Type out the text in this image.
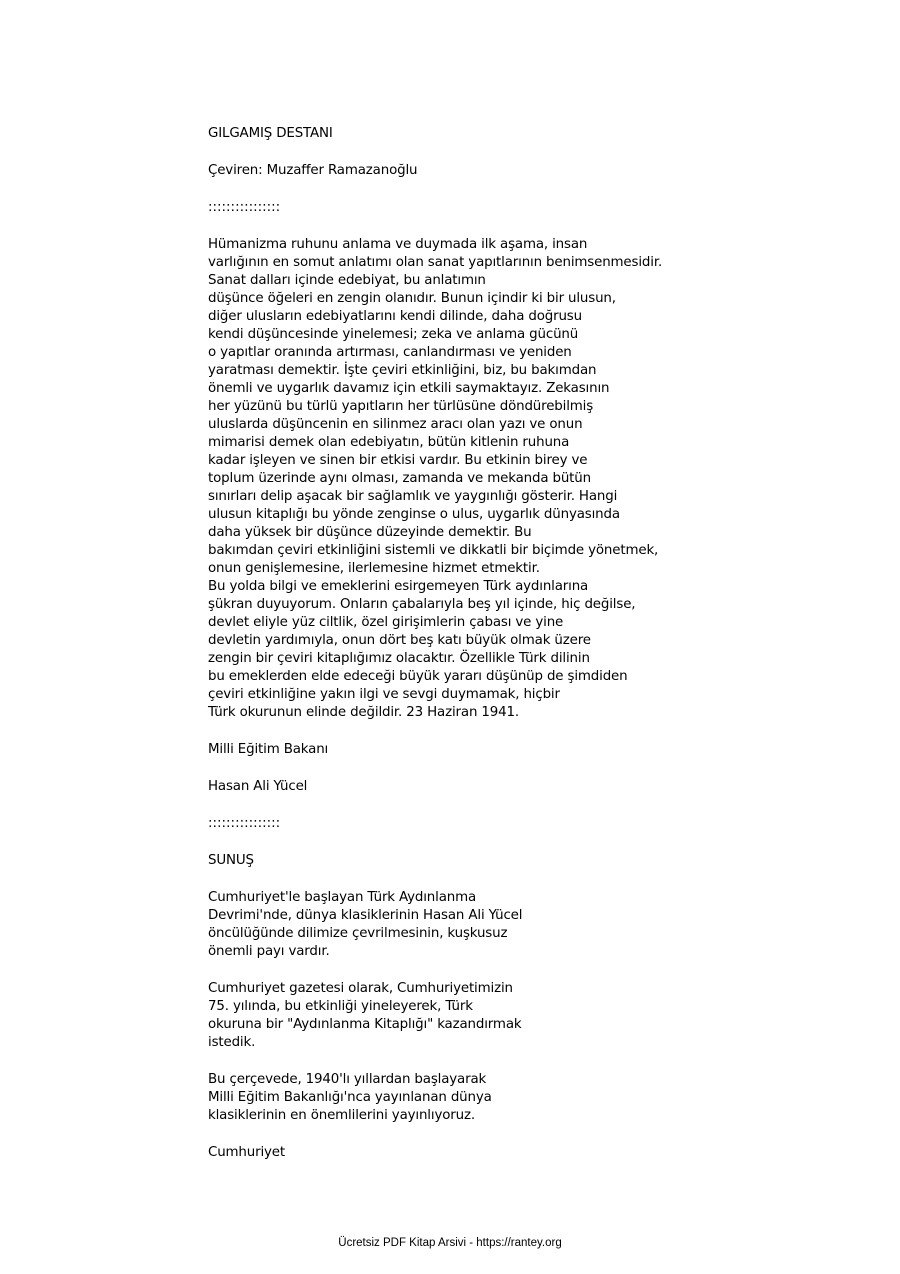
GILGAMIŞ DESTANI
Çeviren: Muzaffer Ramazanoğlu
::::::::::::::::
Hümanizma ruhunu anlama ve duymada ilk aşama, insan
varlığının en somut anlatımı olan sanat yapıtlarının benimsenmesidir.
Sanat dalları içinde edebiyat, bu anlatımın
düşünce öğeleri en zengin olanıdır. Bunun içindir ki bir ulusun,
diğer ulusların edebiyatlarını kendi dilinde, daha doğrusu
kendi düşüncesinde yinelemesi; zeka ve anlama gücünü
o yapıtlar oranında artırması, canlandırması ve yeniden
yaratması demektir. İşte çeviri etkinliğini, biz, bu bakımdan
önemli ve uygarlık davamız için etkili saymaktayız. Zekasının
her yüzünü bu türlü yapıtların her türlüsüne döndürebilmiş
uluslarda düşüncenin en silinmez aracı olan yazı ve onun
mimarisi demek olan edebiyatın, bütün kitlenin ruhuna
kadar işleyen ve sinen bir etkisi vardır. Bu etkinin birey ve
toplum üzerinde aynı olması, zamanda ve mekanda bütün
sınırları delip aşacak bir sağlamlık ve yaygınlığı gösterir. Hangi
ulusun kitaplığı bu yönde zenginse o ulus, uygarlık dünyasında
daha yüksek bir düşünce düzeyinde demektir. Bu
bakımdan çeviri etkinliğini sistemli ve dikkatli bir biçimde yönetmek,
onun genişlemesine, ilerlemesine hizmet etmektir.
Bu yolda bilgi ve emeklerini esirgemeyen Türk aydınlarına
şükran duyuyorum. Onların çabalarıyla beş yıl içinde, hiç değilse,
devlet eliyle yüz ciltlik, özel girişimlerin çabası ve yine
devletin yardımıyla, onun dört beş katı büyük olmak üzere
zengin bir çeviri kitaplığımız olacaktır. Özellikle Türk dilinin
bu emeklerden elde edeceği büyük yararı düşünüp de şimdiden
çeviri etkinliğine yakın ilgi ve sevgi duymamak, hiçbir
Türk okurunun elinde değildir. 23 Haziran 1941.
Milli Eğitim Bakanı
Hasan Ali Yücel
::::::::::::::::
SUNUŞ
Cumhuriyet'le başlayan Türk Aydınlanma
Devrimi'nde, dünya klasiklerinin Hasan Ali Yücel
öncülüğünde dilimize çevrilmesinin, kuşkusuz
önemli payı vardır.
Cumhuriyet gazetesi olarak, Cumhuriyetimizin
75. yılında, bu etkinliği yineleyerek, Türk
okuruna bir "Aydınlanma Kitaplığı" kazandırmak
istedik.
Bu çerçevede, 1940'lı yıllardan başlayarak
Milli Eğitim Bakanlığı'nca yayınlanan dünya
klasiklerinin en önemlilerini yayınlıyoruz.
Cumhuriyet
Ücretsiz PDF Kitap Arsivi - https://rantey.org
